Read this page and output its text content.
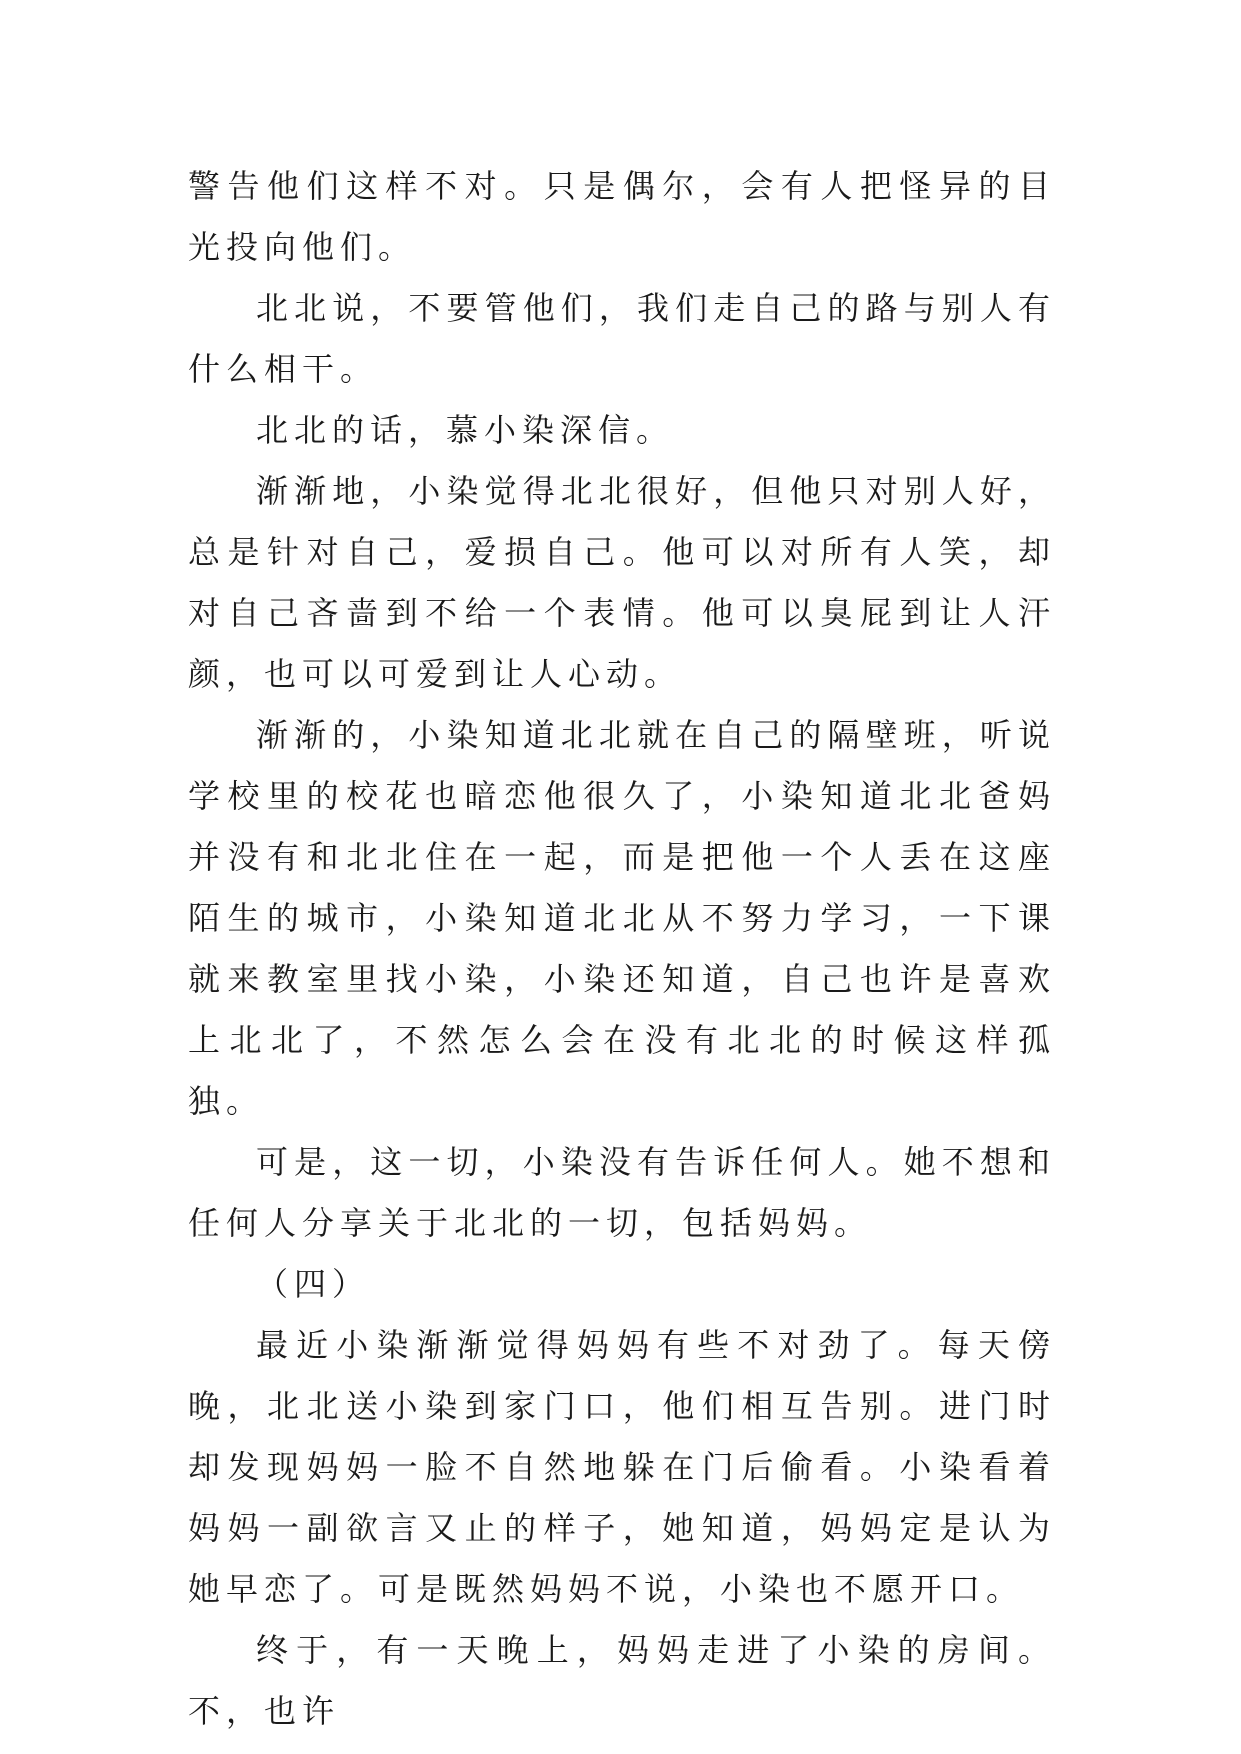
警告他们这样不对。只是偶尔，会有人把怪异的目光投向他们。

北北说，不要管他们，我们走自己的路与别人有什么相干。

北北的话，慕小染深信。

渐渐地，小染觉得北北很好，但他只对别人好，总是针对自己，爱损自己。他可以对所有人笑，却对自己吝啬到不给一个表情。他可以臭屁到让人汗颜，也可以可爱到让人心动。

渐渐的，小染知道北北就在自己的隔壁班，听说学校里的校花也暗恋他很久了，小染知道北北爸妈并没有和北北住在一起，而是把他一个人丢在这座陌生的城市，小染知道北北从不努力学习，一下课就来教室里找小染，小染还知道，自己也许是喜欢上北北了，不然怎么会在没有北北的时候这样孤独。

可是，这一切，小染没有告诉任何人。她不想和任何人分享关于北北的一切，包括妈妈。

（四）

最近小染渐渐觉得妈妈有些不对劲了。每天傍晚，北北送小染到家门口，他们相互告别。进门时却发现妈妈一脸不自然地躲在门后偷看。小染看着妈妈一副欲言又止的样子，她知道，妈妈定是认为她早恋了。可是既然妈妈不说，小染也不愿开口。

终于，有一天晚上，妈妈走进了小染的房间。不，也许
